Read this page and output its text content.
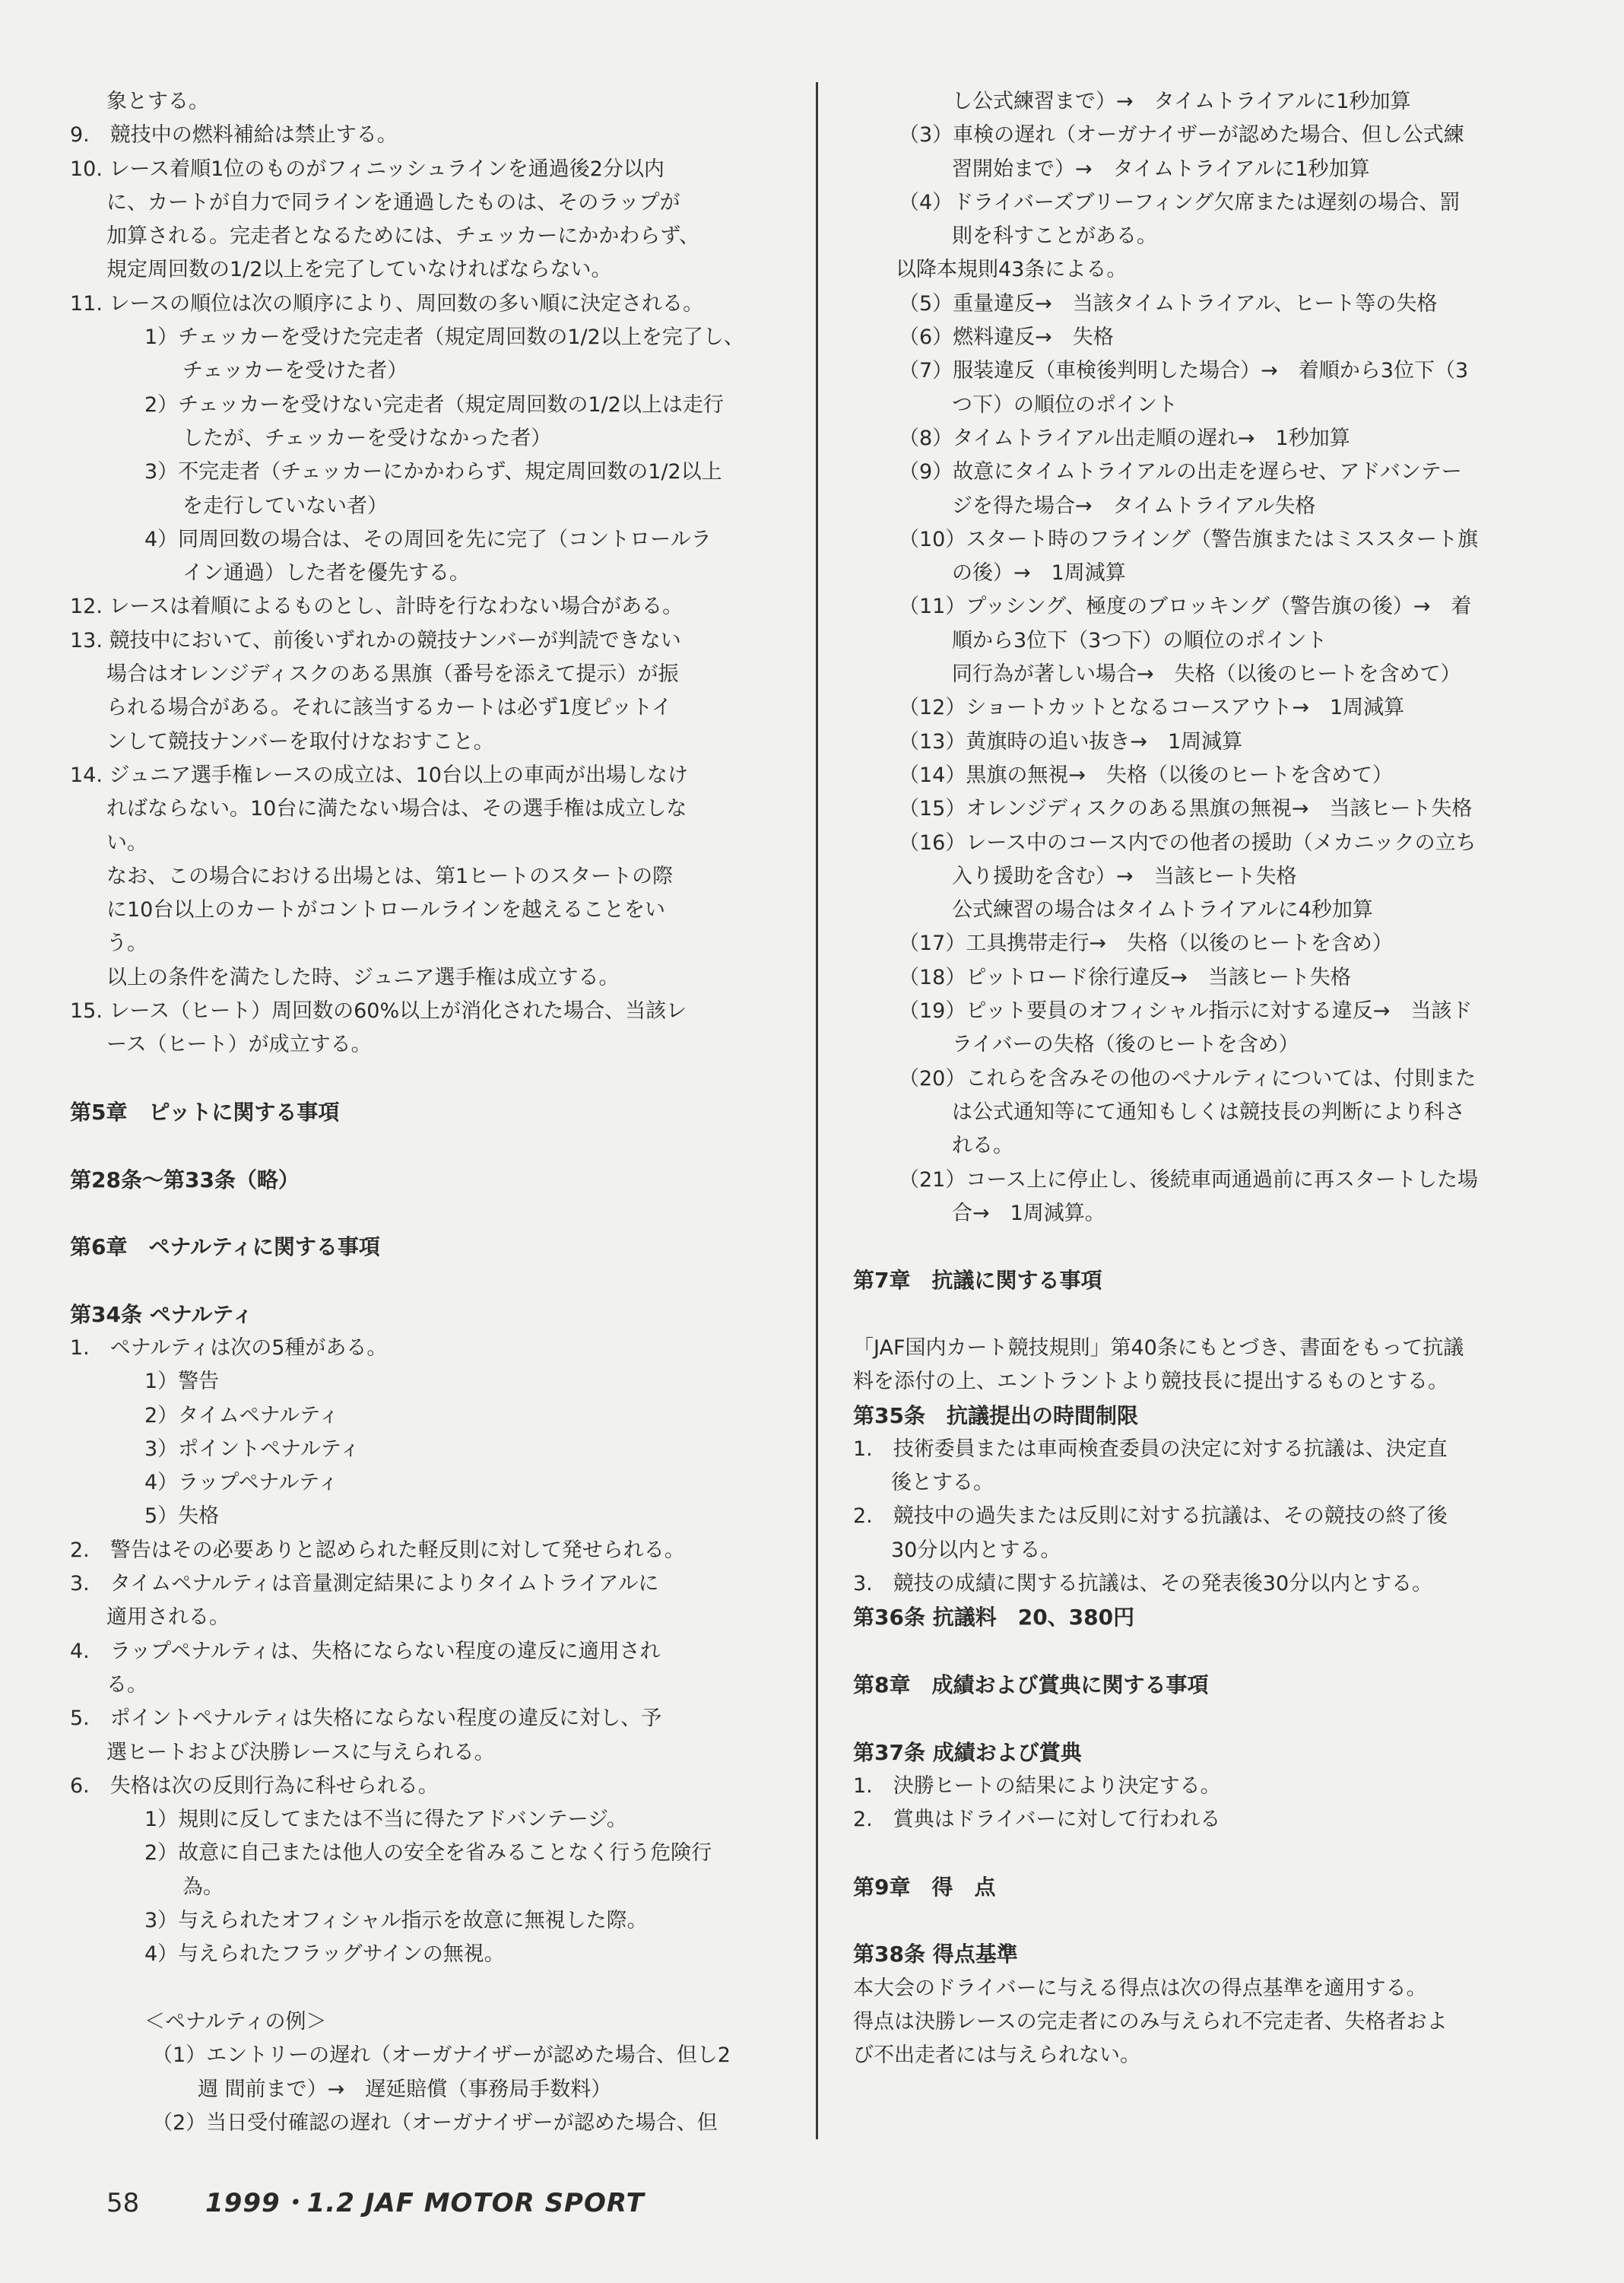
象とする。
9.　競技中の燃料補給は禁止する。
10. レース着順1位のものがフィニッシュラインを通過後2分以内
に、カートが自力で同ラインを通過したものは、そのラップが
加算される。完走者となるためには、チェッカーにかかわらず、
規定周回数の1/2以上を完了していなければならない。
11. レースの順位は次の順序により、周回数の多い順に決定される。
1）チェッカーを受けた完走者（規定周回数の1/2以上を完了し、
チェッカーを受けた者）
2）チェッカーを受けない完走者（規定周回数の1/2以上は走行
したが、チェッカーを受けなかった者）
3）不完走者（チェッカーにかかわらず、規定周回数の1/2以上
を走行していない者）
4）同周回数の場合は、その周回を先に完了（コントロールラ
イン通過）した者を優先する。
12. レースは着順によるものとし、計時を行なわない場合がある。
13. 競技中において、前後いずれかの競技ナンバーが判読できない
場合はオレンジディスクのある黒旗（番号を添えて提示）が振
られる場合がある。それに該当するカートは必ず1度ピットイ
ンして競技ナンバーを取付けなおすこと。
14. ジュニア選手権レースの成立は、10台以上の車両が出場しなけ
ればならない。10台に満たない場合は、その選手権は成立しな
い。
なお、この場合における出場とは、第1ヒートのスタートの際
に10台以上のカートがコントロールラインを越えることをい
う。
以上の条件を満たした時、ジュニア選手権は成立する。
15. レース（ヒート）周回数の60%以上が消化された場合、当該レ
ース（ヒート）が成立する。
第5章　ピットに関する事項
第28条〜第33条（略）
第6章　ペナルティに関する事項
第34条 ペナルティ
1.　ペナルティは次の5種がある。
1）警告
2）タイムペナルティ
3）ポイントペナルティ
4）ラップペナルティ
5）失格
2.　警告はその必要ありと認められた軽反則に対して発せられる。
3.　タイムペナルティは音量測定結果によりタイムトライアルに
適用される。
4.　ラップペナルティは、失格にならない程度の違反に適用され
る。
5.　ポイントペナルティは失格にならない程度の違反に対し、予
選ヒートおよび決勝レースに与えられる。
6.　失格は次の反則行為に科せられる。
1）規則に反してまたは不当に得たアドバンテージ。
2）故意に自己または他人の安全を省みることなく行う危険行
為。
3）与えられたオフィシャル指示を故意に無視した際。
4）与えられたフラッグサインの無視。
＜ペナルティの例＞
（1）エントリーの遅れ（オーガナイザーが認めた場合、但し2
週 間前まで）→　遅延賠償（事務局手数料）
（2）当日受付確認の遅れ（オーガナイザーが認めた場合、但
し公式練習まで）→　タイムトライアルに1秒加算
（3）車検の遅れ（オーガナイザーが認めた場合、但し公式練
習開始まで）→　タイムトライアルに1秒加算
（4）ドライバーズブリーフィング欠席または遅刻の場合、罰
則を科すことがある。
以降本規則43条による。
（5）重量違反→　当該タイムトライアル、ヒート等の失格
（6）燃料違反→　失格
（7）服装違反（車検後判明した場合）→　着順から3位下（3
つ下）の順位のポイント
（8）タイムトライアル出走順の遅れ→　1秒加算
（9）故意にタイムトライアルの出走を遅らせ、アドバンテー
ジを得た場合→　タイムトライアル失格
（10）スタート時のフライング（警告旗またはミススタート旗
の後）→　1周減算
（11）プッシング、極度のブロッキング（警告旗の後）→　着
順から3位下（3つ下）の順位のポイント
同行為が著しい場合→　失格（以後のヒートを含めて）
（12）ショートカットとなるコースアウト→　1周減算
（13）黄旗時の追い抜き→　1周減算
（14）黒旗の無視→　失格（以後のヒートを含めて）
（15）オレンジディスクのある黒旗の無視→　当該ヒート失格
（16）レース中のコース内での他者の援助（メカニックの立ち
入り援助を含む）→　当該ヒート失格
公式練習の場合はタイムトライアルに4秒加算
（17）工具携帯走行→　失格（以後のヒートを含め）
（18）ピットロード徐行違反→　当該ヒート失格
（19）ピット要員のオフィシャル指示に対する違反→　当該ド
ライバーの失格（後のヒートを含め）
（20）これらを含みその他のペナルティについては、付則また
は公式通知等にて通知もしくは競技長の判断により科さ
れる。
（21）コース上に停止し、後続車両通過前に再スタートした場
合→　1周減算。
第7章　抗議に関する事項
「JAF国内カート競技規則」第40条にもとづき、書面をもって抗議
料を添付の上、エントラントより競技長に提出するものとする。
第35条　抗議提出の時間制限
1.　技術委員または車両検査委員の決定に対する抗議は、決定直
後とする。
2.　競技中の過失または反則に対する抗議は、その競技の終了後
30分以内とする。
3.　競技の成績に関する抗議は、その発表後30分以内とする。
第36条 抗議料　20、380円
第8章　成績および賞典に関する事項
第37条 成績および賞典
1.　決勝ヒートの結果により決定する。
2.　賞典はドライバーに対して行われる
第9章　得　点
第38条 得点基準
本大会のドライバーに与える得点は次の得点基準を適用する。
得点は決勝レースの完走者にのみ与えられ不完走者、失格者およ
び不出走者には与えられない。
58	1999・1.2 JAF MOTOR SPORT
